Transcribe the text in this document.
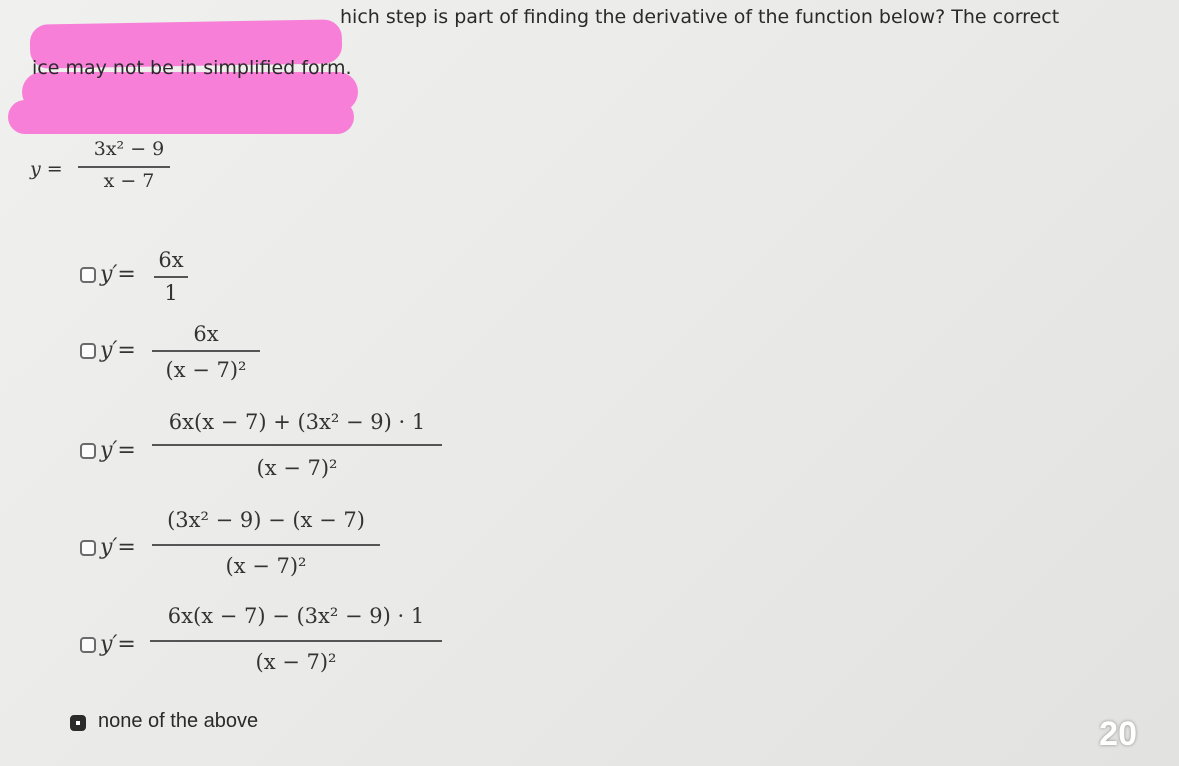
hich step is part of finding the derivative of the function below? The correct
ice may not be in simplified form.
y =
3x² − 9
x − 7
y′=
6x
1
y′=
6x
(x − 7)²
y′=
6x(x − 7) + (3x² − 9) · 1
(x − 7)²
y′=
(3x² − 9) − (x − 7)
(x − 7)²
y′=
6x(x − 7) − (3x² − 9) · 1
(x − 7)²
none of the above	20
